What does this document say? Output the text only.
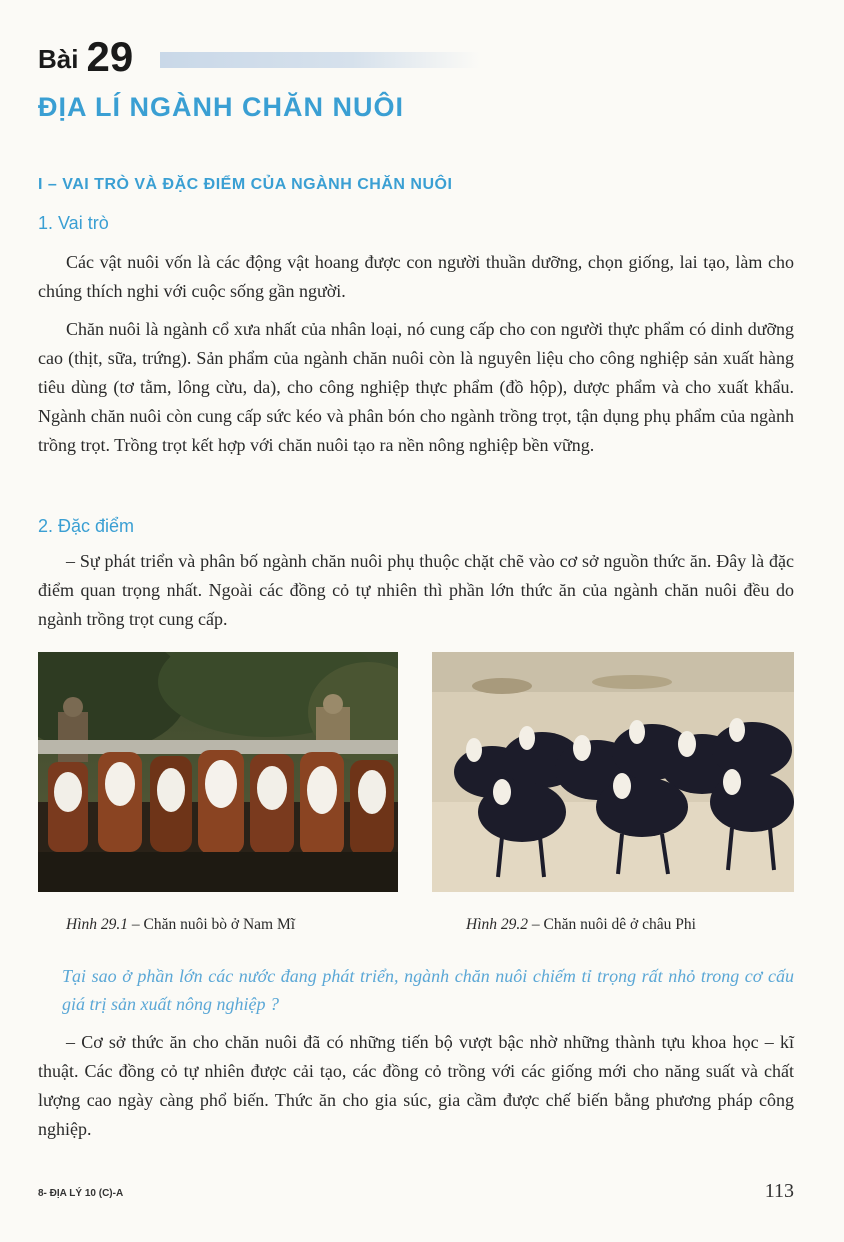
Bài 29
ĐỊA LÍ NGÀNH CHĂN NUÔI
I – VAI TRÒ VÀ ĐẶC ĐIỂM CỦA NGÀNH CHĂN NUÔI
1. Vai trò

Các vật nuôi vốn là các động vật hoang được con người thuần dưỡng, chọn giống, lai tạo, làm cho chúng thích nghi với cuộc sống gần người.

Chăn nuôi là ngành cổ xưa nhất của nhân loại, nó cung cấp cho con người thực phẩm có dinh dưỡng cao (thịt, sữa, trứng). Sản phẩm của ngành chăn nuôi còn là nguyên liệu cho công nghiệp sản xuất hàng tiêu dùng (tơ tằm, lông cừu, da), cho công nghiệp thực phẩm (đồ hộp), dược phẩm và cho xuất khẩu. Ngành chăn nuôi còn cung cấp sức kéo và phân bón cho ngành trồng trọt, tận dụng phụ phẩm của ngành trồng trọt. Trồng trọt kết hợp với chăn nuôi tạo ra nền nông nghiệp bền vững.

2. Đặc điểm

– Sự phát triển và phân bố ngành chăn nuôi phụ thuộc chặt chẽ vào cơ sở nguồn thức ăn. Đây là đặc điểm quan trọng nhất. Ngoài các đồng cỏ tự nhiên thì phần lớn thức ăn của ngành chăn nuôi đều do ngành trồng trọt cung cấp.

Hình 29.1 – Chăn nuôi bò ở Nam Mĩ	Hình 29.2 – Chăn nuôi dê ở châu Phi

Tại sao ở phần lớn các nước đang phát triển, ngành chăn nuôi chiếm tỉ trọng rất nhỏ trong cơ cấu giá trị sản xuất nông nghiệp ?

– Cơ sở thức ăn cho chăn nuôi đã có những tiến bộ vượt bậc nhờ những thành tựu khoa học – kĩ thuật. Các đồng cỏ tự nhiên được cải tạo, các đồng cỏ trồng với các giống mới cho năng suất và chất lượng cao ngày càng phổ biến. Thức ăn cho gia súc, gia cầm được chế biến bằng phương pháp công nghiệp.

8- ĐỊA LÝ 10 (C)-A	113
